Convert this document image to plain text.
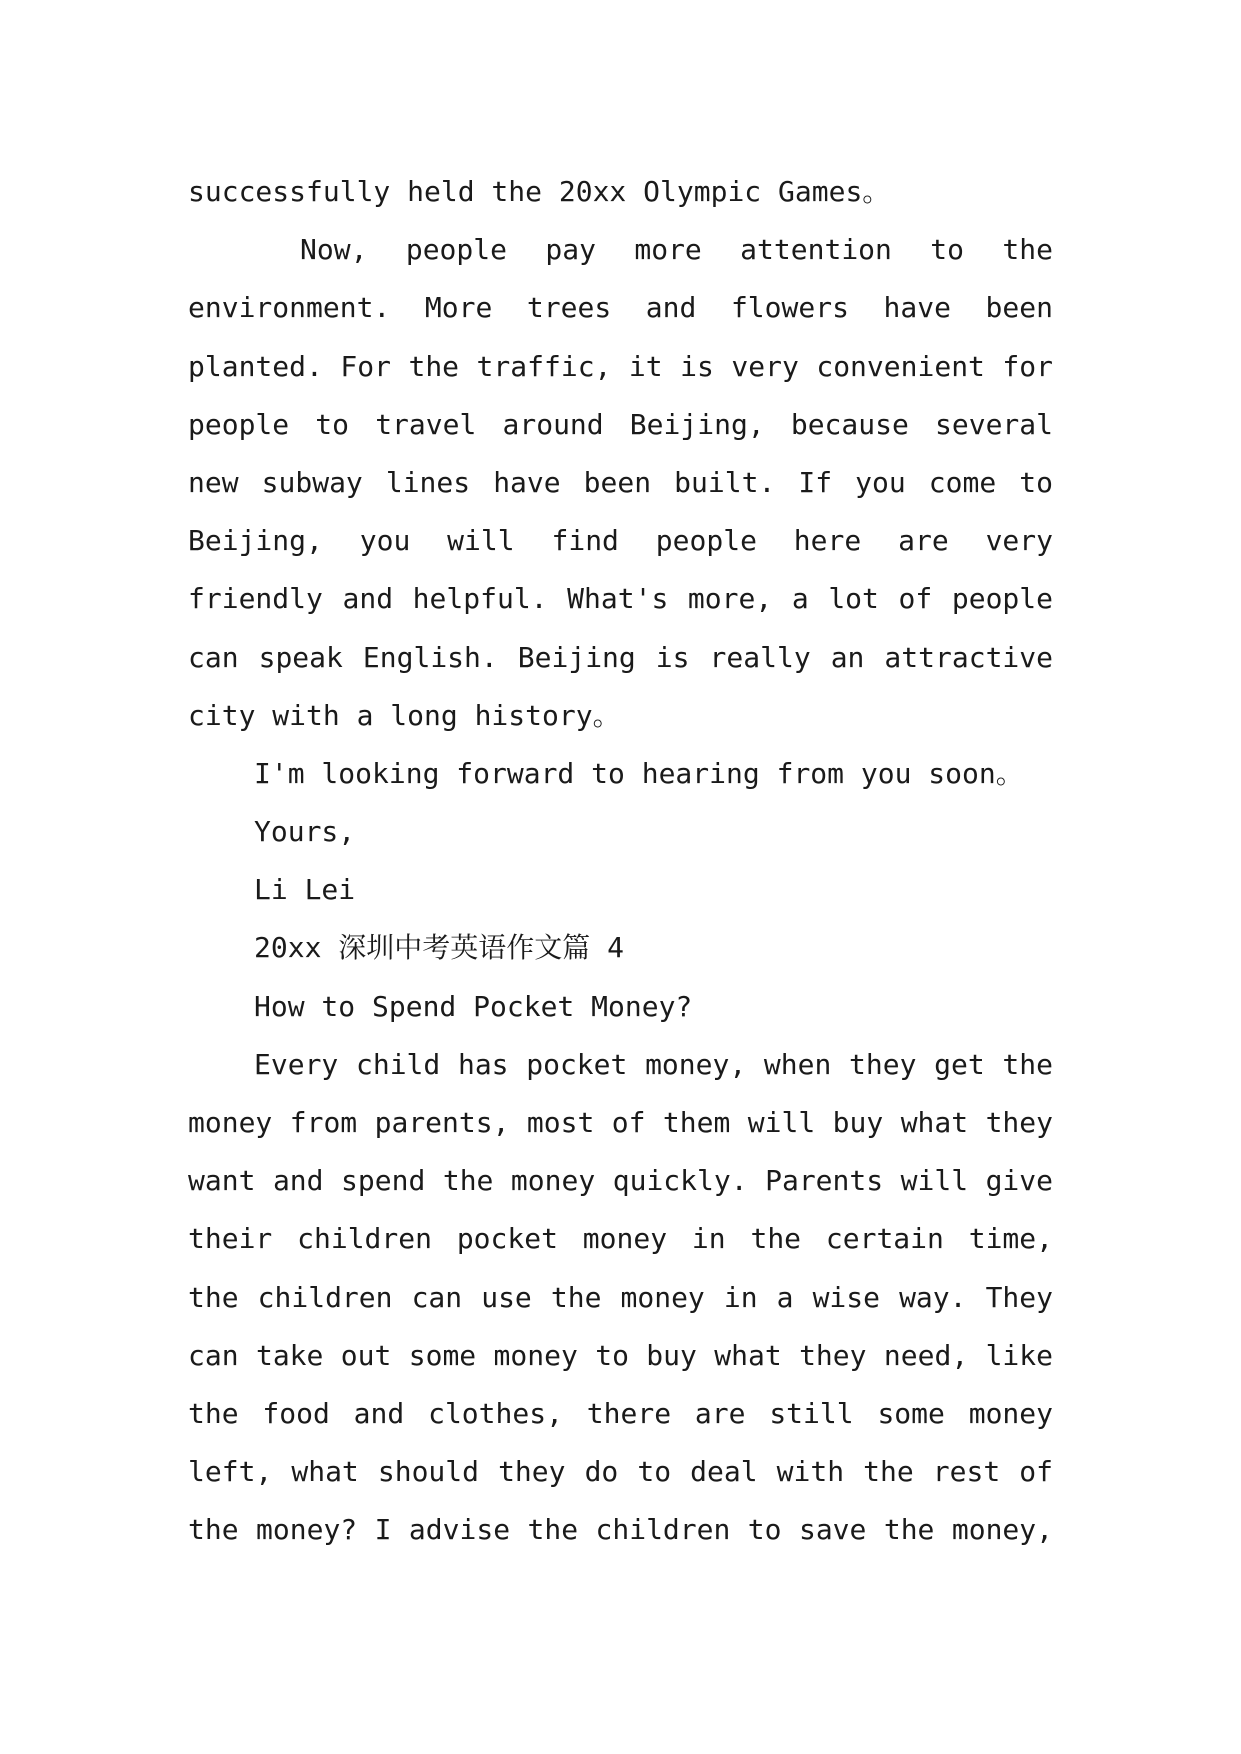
successfully held the 20xx Olympic Games。
Now, people pay more attention to the
environment. More trees and flowers have been
planted. For the traffic, it is very convenient for
people to travel around Beijing, because several
new subway lines have been built. If you come to
Beijing, you will find people here are very
friendly and helpful. What's more, a lot of people
can speak English. Beijing is really an attractive
city with a long history。
I'm looking forward to hearing from you soon。
Yours,
Li Lei
20xx 深圳中考英语作文篇 4
How to Spend Pocket Money?
Every child has pocket money, when they get the
money from parents, most of them will buy what they
want and spend the money quickly. Parents will give
their children pocket money in the certain time,
the children can use the money in a wise way. They
can take out some money to buy what they need, like
the food and clothes, there are still some money
left, what should they do to deal with the rest of
the money? I advise the children to save the money,
